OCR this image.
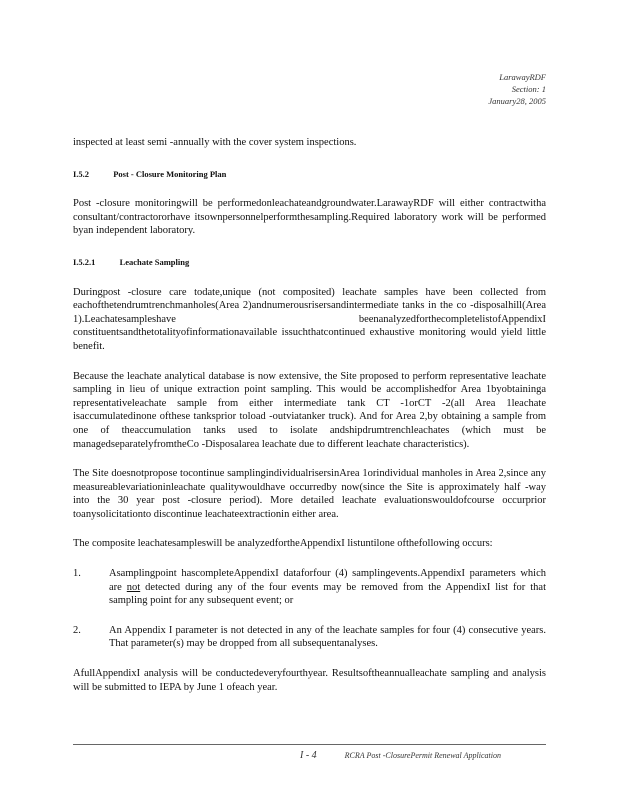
LarawayRDF
Section: 1
January28, 2005

inspected at least semi -annually with the cover system inspections.

I.5.2	Post - Closure Monitoring Plan

Post -closure monitoringwill be performedonleachateandgroundwater.LarawayRDF will either contractwitha consultant/contractororhave itsownpersonnelperformthesampling.Required laboratory work will be performed byan independent laboratory.

I.5.2.1	Leachate Sampling

Duringpost -closure care todate,unique (not composited) leachate samples have been collected from eachofthetendrumtrenchmanholes(Area 2)andnumerousrisersandintermediate tanks in the co -disposalhill(Area 1).Leachatesampleshave beenanalyzedforthecompletelistofAppendixI constituentsandthetotalityofinformationavailable issuchthatcontinued exhaustive monitoring would yield little benefit.

Because the leachate analytical database is now extensive, the Site proposed to perform representative leachate sampling in lieu of unique extraction point sampling. This would be accomplishedfor Area 1byobtaininga representativeleachate sample from either intermediate tank CT -1orCT -2(all Area 1leachate isaccumulatedinone ofthese tanksprior toload -outviatanker truck). And for Area 2,by obtaining a sample from one of theaccumulation tanks used to isolate andshipdrumtrenchleachates (which must be managedseparatelyfromtheCo -Disposalarea leachate due to different leachate characteristics).

The Site doesnotpropose tocontinue samplingindividualrisersinArea 1orindividual manholes in Area 2,since any measureablevariationinleachate qualitywouldhave occurredby now(since the Site is approximately half -way into the 30 year post -closure period). More detailed leachate evaluationswouldofcourse occurprior toanysolicitationto discontinue leachateextractionin either area.

The composite leachatesampleswill be analyzedfortheAppendixI listuntilone ofthefollowing occurs:

1.	Asamplingpoint hascompleteAppendixI dataforfour (4) samplingevents.AppendixI parameters which are not detected during any of the four events may be removed from the AppendixI list for that sampling point for any subsequent event; or

2.	An Appendix I parameter is not detected in any of the leachate samples for four (4) consecutive years. That parameter(s) may be dropped from all subsequentanalyses.

AfullAppendixI analysis will be conductedeveryfourthyear. Resultsoftheannualleachate sampling and analysis will be submitted to IEPA by June 1 ofeach year.

I - 4	RCRA Post -ClosurePermit Renewal Application
